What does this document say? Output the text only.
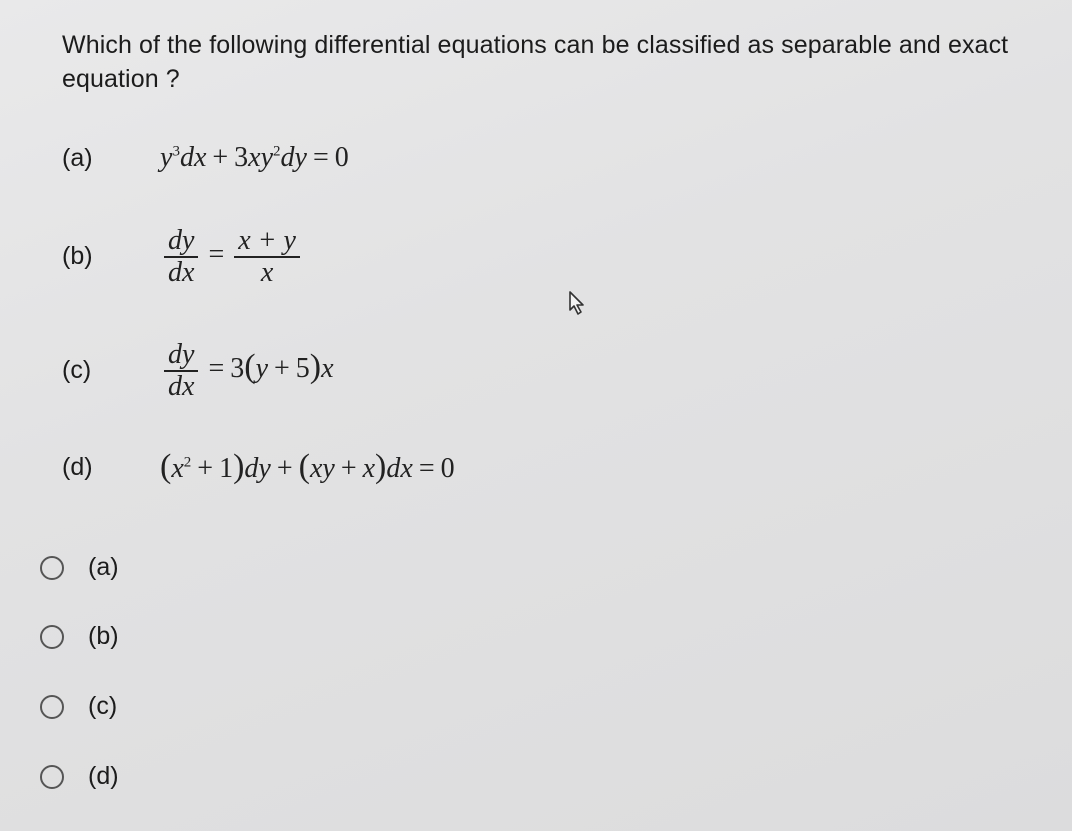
Which of the following differential equations can be classified as separable and exact equation ?
(a)	$y^3dx + 3xy^2dy = 0$
(b)	$\frac{dy}{dx} = \frac{x + y}{x}$
(c)	$\frac{dy}{dx} = 3(y + 5)x$
(d)	$(x^2 + 1)dy + (xy + x)dx = 0$
(a)
(b)
(c)
(d)
